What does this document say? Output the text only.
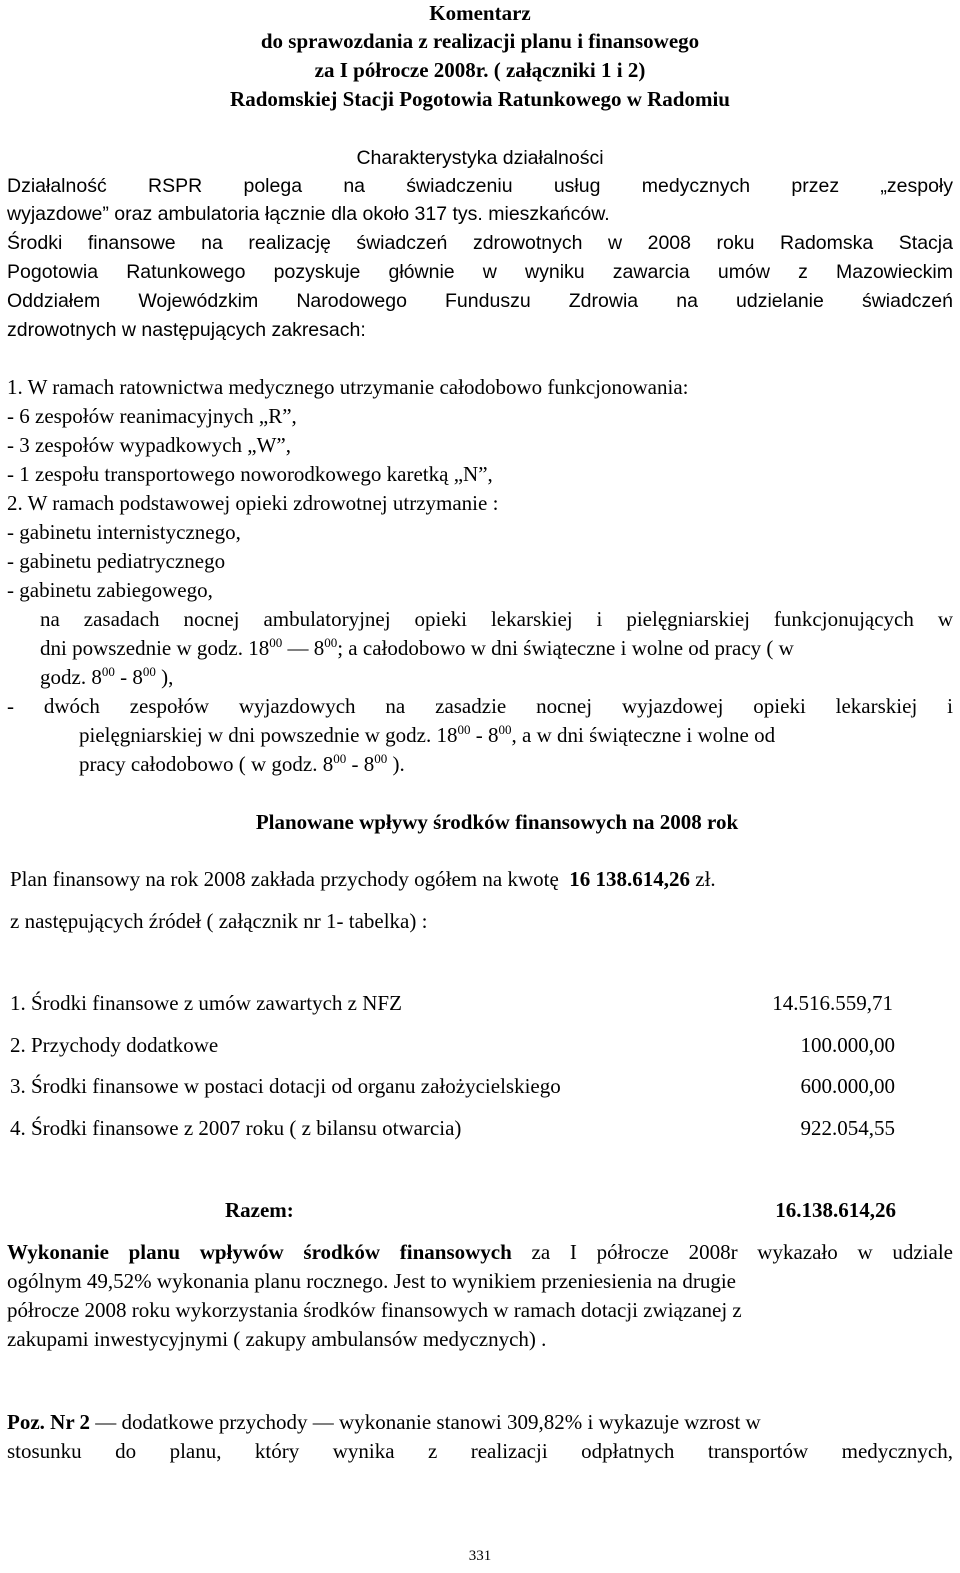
Komentarz
do sprawozdania z realizacji planu i finansowego
za I półrocze 2008r. ( załączniki 1 i 2)
Radomskiej Stacji Pogotowia Ratunkowego w Radomiu
Charakterystyka działalności
Działalność RSPR polega na świadczeniu usług medycznych przez „zespoły
wyjazdowe” oraz ambulatoria łącznie dla około 317 tys. mieszkańców.
Środki finansowe na realizację świadczeń zdrowotnych w 2008 roku Radomska Stacja
Pogotowia Ratunkowego pozyskuje głównie w wyniku zawarcia umów z Mazowieckim
Oddziałem Wojewódzkim Narodowego Funduszu Zdrowia na udzielanie świadczeń
zdrowotnych w następujących zakresach:
1. W ramach ratownictwa medycznego utrzymanie całodobowo funkcjonowania:
- 6 zespołów reanimacyjnych „R”,
- 3 zespołów wypadkowych „W”,
- 1 zespołu transportowego noworodkowego karetką „N”,
2. W ramach podstawowej opieki zdrowotnej utrzymanie :
- gabinetu internistycznego,
- gabinetu pediatrycznego
- gabinetu zabiegowego,
na zasadach nocnej ambulatoryjnej opieki lekarskiej i pielęgniarskiej funkcjonujących w
dni powszednie w godz. $18^{00}$ — $8^{00}$; a całodobowo w dni świąteczne i wolne od pracy ( w
godz. $8^{00} - 8^{00}$ ),
- dwóch zespołów wyjazdowych na zasadzie nocnej wyjazdowej opieki lekarskiej i
pielęgniarskiej w dni powszednie w godz. $18^{00} - 8^{00}$, a w dni świąteczne i wolne od
pracy całodobowo ( w godz. $8^{00} - 8^{00}$ ).
Planowane wpływy środków finansowych na 2008 rok
Plan finansowy na rok 2008 zakłada przychody ogółem na kwotę 16 138.614,26 zł.
z następujących źródeł ( załącznik nr 1- tabelka) :
1. Środki finansowe z umów zawartych z NFZ	14.516.559,71
2. Przychody dodatkowe	100.000,00
3. Środki finansowe w postaci dotacji od organu założycielskiego	600.000,00
4. Środki finansowe z 2007 roku ( z bilansu otwarcia)	922.054,55
Razem:	16.138.614,26
Wykonanie planu wpływów środków finansowych za I półrocze 2008r wykazało w udziale
ogólnym 49,52% wykonania planu rocznego. Jest to wynikiem przeniesienia na drugie
półrocze 2008 roku wykorzystania środków finansowych w ramach dotacji związanej z
zakupami inwestycyjnymi ( zakupy ambulansów medycznych) .
Poz. Nr 2 — dodatkowe przychody — wykonanie stanowi 309,82% i wykazuje wzrost w
stosunku do planu, który wynika z realizacji odpłatnych transportów medycznych,
331
